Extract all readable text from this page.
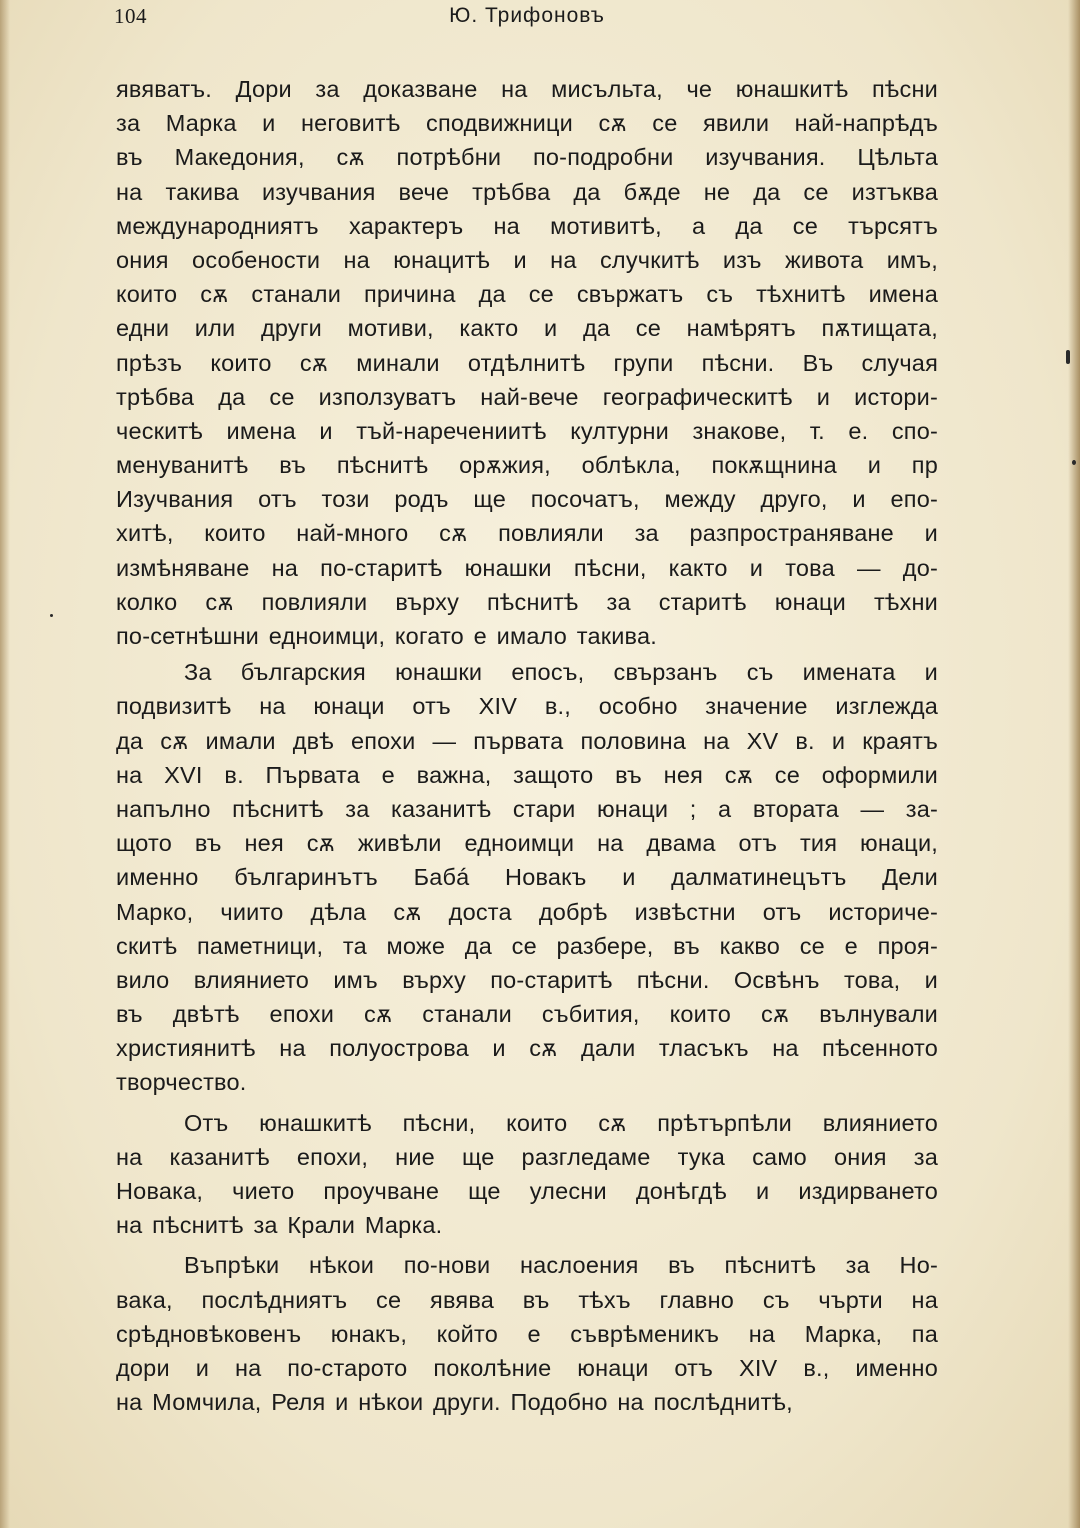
104	Ю. Трифоновъ
явяватъ. Дори за доказване на мисъльта, че юнашкитѣ пѣсни
за Марка и неговитѣ сподвижници сѫ се явили най-напрѣдъ
въ Македония, сѫ потрѣбни по-подробни изучвания. Цѣльта
на такива изучвания вече трѣбва да бѫде не да се изтъква
международниятъ характеръ на мотивитѣ, а да се търсятъ
ония особености на юнацитѣ и на случкитѣ изъ живота имъ,
които сѫ станали причина да се свържатъ съ тѣхнитѣ имена
едни или други мотиви, както и да се намѣрятъ пѫтищата,
прѣзъ които сѫ минали отдѣлнитѣ групи пѣсни. Въ случая
трѣбва да се използуватъ най-вече географическитѣ и истори-
ческитѣ имена и тъй-наречениитѣ културни знакове, т. е. спо-
менуванитѣ въ пѣснитѣ орѫжия, облѣкла, покѫщнина и пр
Изучвания отъ този родъ ще посочатъ, между друго, и епо-
хитѣ, които най-много сѫ повлияли за разпространяване и
измѣняване на по-старитѣ юнашки пѣсни, както и това — до-
колко сѫ повлияли върху пѣснитѣ за старитѣ юнаци тѣхни
по-сетнѣшни едноимци, когато е имало такива.
За българския юнашки епосъ, свързанъ съ имената и
подвизитѣ на юнаци отъ XIV в., особно значение изглежда
да сѫ имали двѣ епохи — първата половина на XV в. и краятъ
на XVI в. Първата е важна, защото въ нея сѫ се оформили
напълно пѣснитѣ за казанитѣ стари юнаци ; а втората — за-
щото въ нея сѫ живѣли едноимци на двама отъ тия юнаци,
именно българинътъ Бабá Новакъ и далматинецътъ Дели
Марко, чиито дѣла сѫ доста добрѣ извѣстни отъ историче-
скитѣ паметници, та може да се разбере, въ какво се е проя-
вило влиянието имъ върху по-старитѣ пѣсни. Освѣнъ това, и
въ двѣтѣ епохи сѫ станали събития, които сѫ вълнували
християнитѣ на полуострова и сѫ дали тласъкъ на пѣсенното
творчество.
Отъ юнашкитѣ пѣсни, които сѫ прѣтърпѣли влиянието
на казанитѣ епохи, ние ще разгледаме тука само ония за
Новака, чието проучване ще улесни донѣгдѣ и издирването
на пѣснитѣ за Крали Марка.
Въпрѣки нѣкои по-нови наслоения въ пѣснитѣ за Но-
вака, послѣдниятъ се явява въ тѣхъ главно съ чърти на
срѣдновѣковенъ юнакъ, който е съврѣменикъ на Марка, па
дори и на по-старото поколѣние юнаци отъ XIV в., именно
на Момчила, Реля и нѣкои други. Подобно на послѣднитѣ,
